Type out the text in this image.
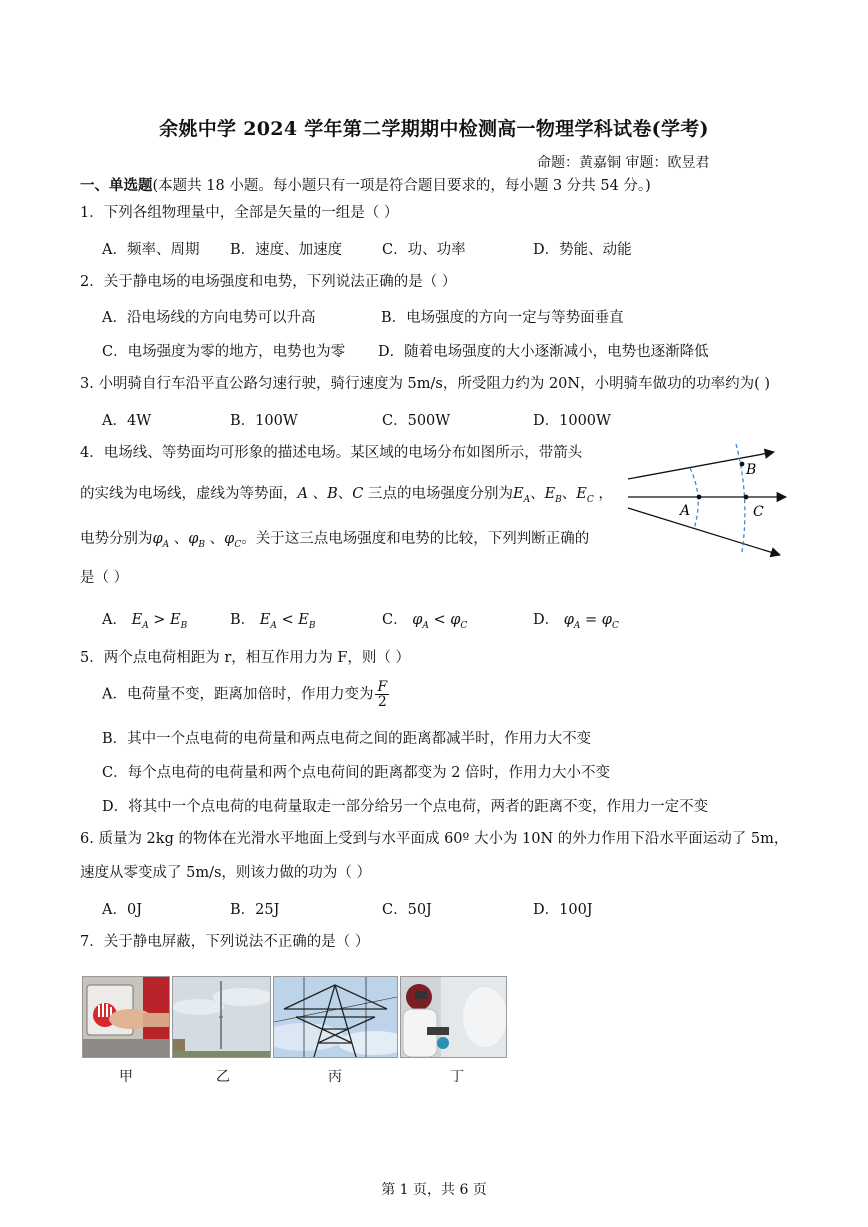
余姚中学 2024 学年第二学期期中检测高一物理学科试卷(学考)
命题：黄嘉铜 审题：欧昱君
一、单选题(本题共 18 小题。每小题只有一项是符合题目要求的，每小题 3 分共 54 分。)
1．下列各组物理量中，全部是矢量的一组是（ ）
A．频率、周期 B．速度、加速度	C．功、功率	D．势能、动能
2．关于静电场的电场强度和电势，下列说法正确的是（ ）
A．沿电场线的方向电势可以升高	B．电场强度的方向一定与等势面垂直
C．电场强度为零的地方，电势也为零 D．随着电场强度的大小逐渐减小，电势也逐渐降低
3. 小明骑自行车沿平直公路匀速行驶，骑行速度为 5m/s，所受阻力约为 20N，小明骑车做功的功率约为( )
A．4W	B．100W	C．500W	D．1000W
4．电场线、等势面均可形象的描述电场。某区域的电场分布如图所示，带箭头
的实线为电场线，虚线为等势面，A 、B、C 三点的电场强度分别为$E_A$、$E_B$、$E_C$ ，
电势分别为$\varphi_A$ 、$\varphi_B$ 、$\varphi_C$。关于这三点电场强度和电势的比较，下列判断正确的
是（ ）
A． $E_A > E_B$	B． $E_A < E_B$	C． $\varphi_A < \varphi_C$	D． $\varphi_A = \varphi_C$
A
B
C
5．两个点电荷相距为 r，相互作用力为 F，则（ ）
A．电荷量不变，距离加倍时，作用力变为 $\frac{F}{2}$
B．其中一个点电荷的电荷量和两点电荷之间的距离都减半时，作用力大不变
C．每个点电荷的电荷量和两个点电荷间的距离都变为 2 倍时，作用力大小不变
D．将其中一个点电荷的电荷量取走一部分给另一个点电荷，两者的距离不变，作用力一定不变
6. 质量为 2kg 的物体在光滑水平地面上受到与水平面成 60º 大小为 10N 的外力作用下沿水平面运动了 5m，
速度从零变成了 5m/s，则该力做的功为（ ）
A．0J	B．25J	C．50J	D．100J
7．关于静电屏蔽，下列说法不正确的是（ ）
甲	乙	丙	丁
第 1 页，共 6 页
